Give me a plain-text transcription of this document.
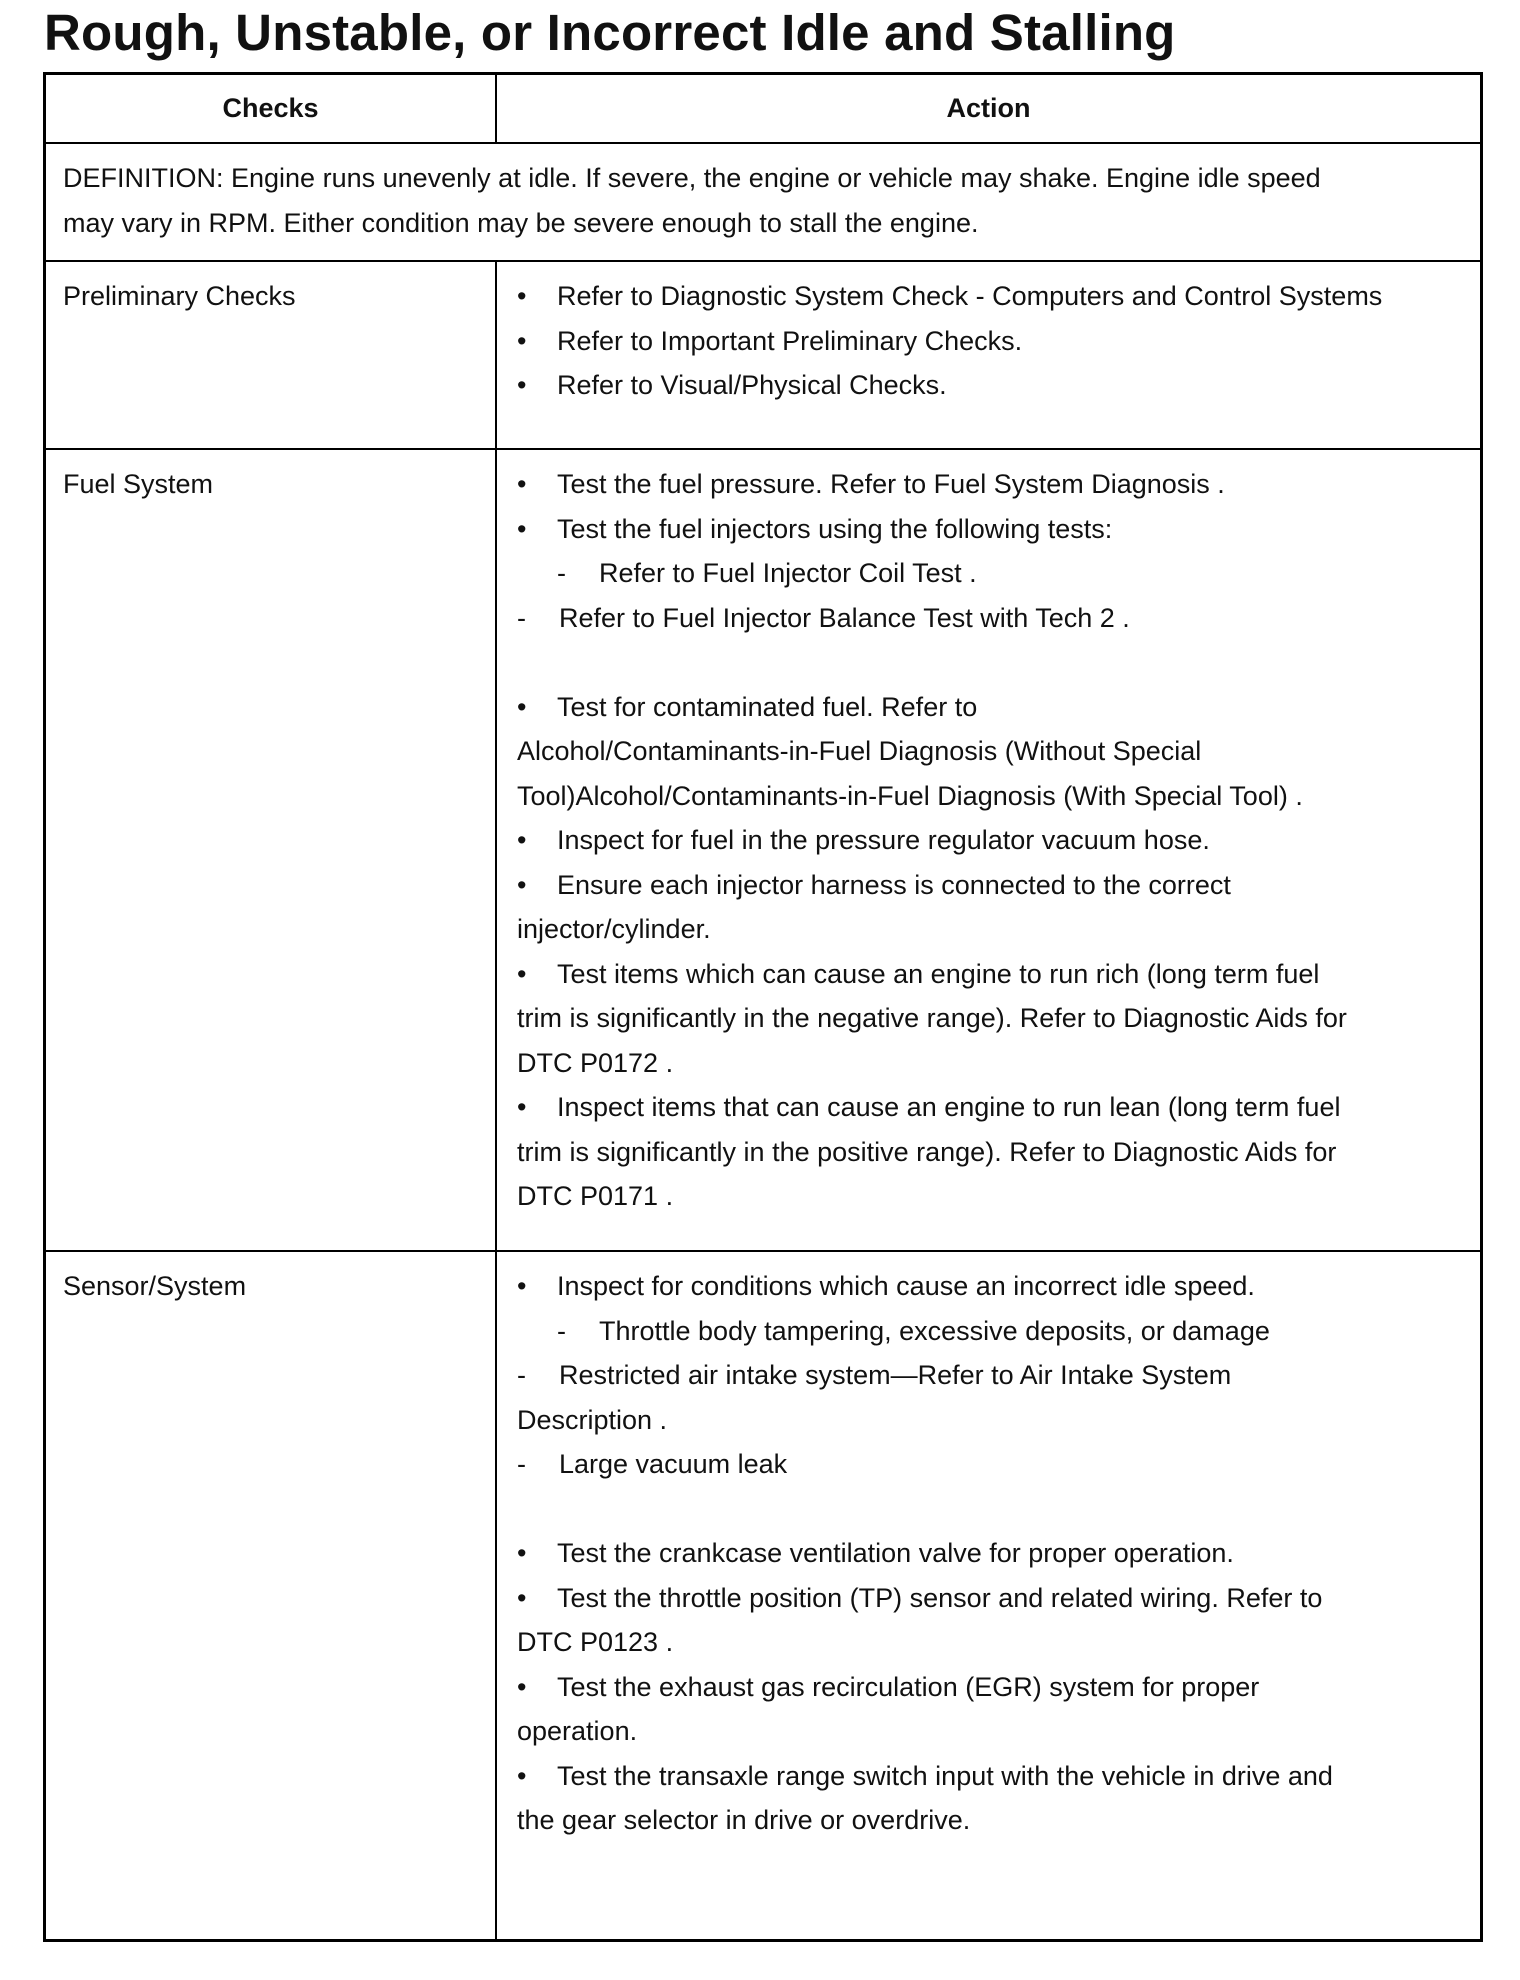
Rough, Unstable, or Incorrect Idle and Stalling
Checks	Action
DEFINITION: Engine runs unevenly at idle. If severe, the engine or vehicle may shake. Engine idle speed
may vary in RPM. Either condition may be severe enough to stall the engine.
Preliminary Checks	• Refer to Diagnostic System Check - Computers and Control Systems
• Refer to Important Preliminary Checks.
• Refer to Visual/Physical Checks.
Fuel System	• Test the fuel pressure. Refer to Fuel System Diagnosis .
• Test the fuel injectors using the following tests:
- Refer to Fuel Injector Coil Test .
- Refer to Fuel Injector Balance Test with Tech 2 .
• Test for contaminated fuel. Refer to
Alcohol/Contaminants-in-Fuel Diagnosis (Without Special
Tool)Alcohol/Contaminants-in-Fuel Diagnosis (With Special Tool) .
• Inspect for fuel in the pressure regulator vacuum hose.
• Ensure each injector harness is connected to the correct
injector/cylinder.
• Test items which can cause an engine to run rich (long term fuel
trim is significantly in the negative range). Refer to Diagnostic Aids for
DTC P0172 .
• Inspect items that can cause an engine to run lean (long term fuel
trim is significantly in the positive range). Refer to Diagnostic Aids for
DTC P0171 .
Sensor/System	• Inspect for conditions which cause an incorrect idle speed.
- Throttle body tampering, excessive deposits, or damage
- Restricted air intake system—Refer to Air Intake System
Description .
- Large vacuum leak
• Test the crankcase ventilation valve for proper operation.
• Test the throttle position (TP) sensor and related wiring. Refer to
DTC P0123 .
• Test the exhaust gas recirculation (EGR) system for proper
operation.
• Test the transaxle range switch input with the vehicle in drive and
the gear selector in drive or overdrive.
